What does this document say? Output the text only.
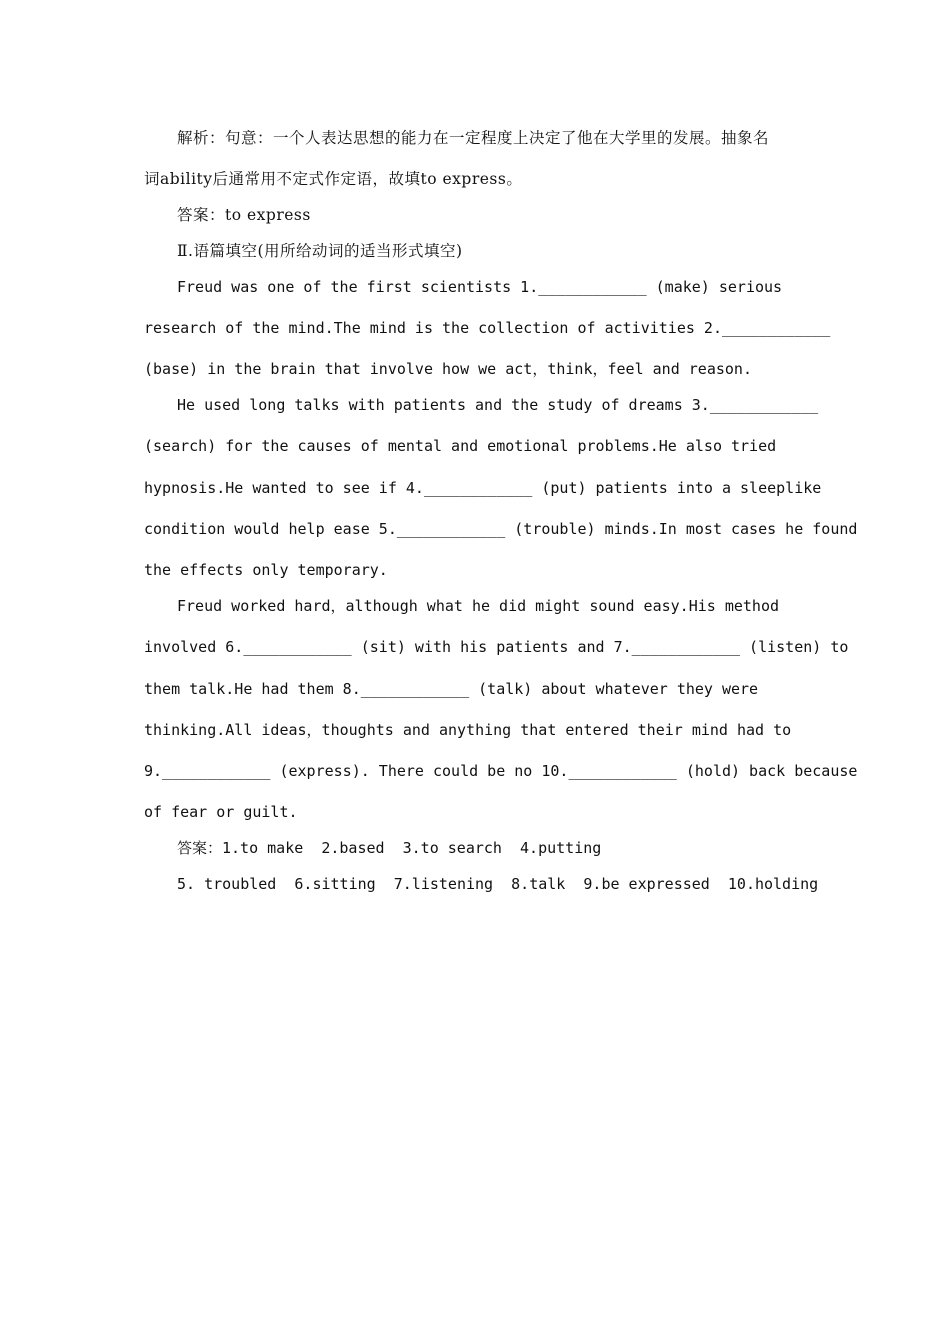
解析：句意：一个人表达思想的能力在一定程度上决定了他在大学里的发展。抽象名
词ability后通常用不定式作定语，故填to express。
答案：to express
Ⅱ.语篇填空(用所给动词的适当形式填空)
Freud was one of the first scientists 1.____________ (make) serious
research of the mind.The mind is the collection of activities 2.____________
(base) in the brain that involve how we act，think，feel and reason.
He used long talks with patients and the study of dreams 3.____________
(search) for the causes of mental and emotional problems.He also tried
hypnosis.He wanted to see if 4.____________ (put) patients into a sleeplike
condition would help ease 5.____________ (trouble) minds.In most cases he found
the effects only temporary.
Freud worked hard，although what he did might sound easy.His method
involved 6.____________ (sit) with his patients and 7.____________ (listen) to
them talk.He had them 8.____________ (talk) about whatever they were
thinking.All ideas，thoughts and anything that entered their mind had to
9.____________ (express). There could be no 10.____________ (hold) back because
of fear or guilt.
答案：1.to make  2.based  3.to search  4.putting
5. troubled  6.sitting  7.listening  8.talk  9.be expressed  10.holding
